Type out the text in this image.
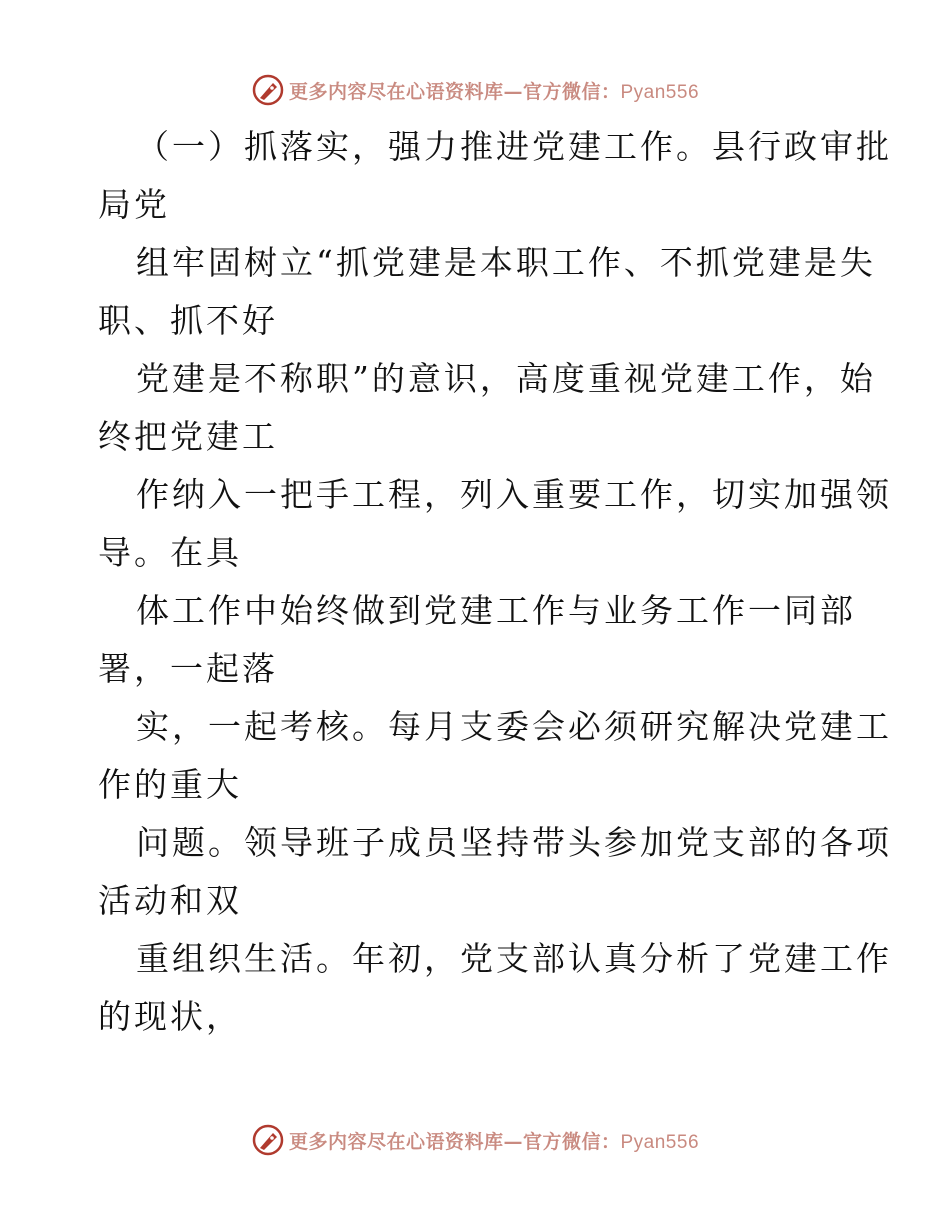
更多内容尽在心语资料库—官方微信：Pyan556
（一）抓落实，强力推进党建工作。县行政审批
局党
组牢固树立“抓党建是本职工作、不抓党建是失
职、抓不好
党建是不称职”的意识，高度重视党建工作，始
终把党建工
作纳入一把手工程，列入重要工作，切实加强领
导。在具
体工作中始终做到党建工作与业务工作一同部
署，一起落
实，一起考核。每月支委会必须研究解决党建工
作的重大
问题。领导班子成员坚持带头参加党支部的各项
活动和双
重组织生活。年初，党支部认真分析了党建工作
的现状，
更多内容尽在心语资料库—官方微信：Pyan556
